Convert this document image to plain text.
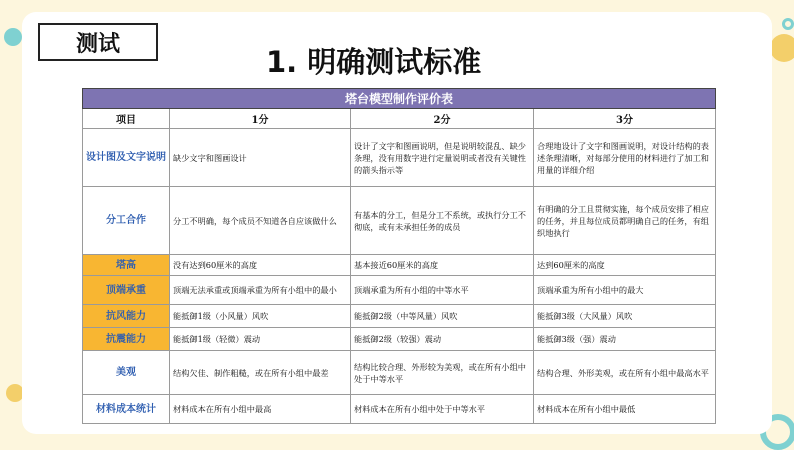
测试
1. 明确测试标准
塔台模型制作评价表			
项目	1分	2分	3分
设计图及文字说明	缺少文字和图画设计	设计了文字和图画说明，但是说明较混乱、缺少条理，没有用数字进行定量说明或者没有关键性的箭头指示等	合理地设计了文字和图画说明，对设计结构的表述条理清晰，对每部分使用的材料进行了加工和用量的详细介绍
分工合作	分工不明确，每个成员不知道各自应该做什么	有基本的分工，但是分工不系统，或执行分工不彻底，或有未承担任务的成员	有明确的分工且贯彻实施，每个成员安排了相应的任务，并且每位成员都明确自己的任务，有组织地执行
塔高	没有达到60厘米的高度	基本接近60厘米的高度	达到60厘米的高度
顶端承重	顶端无法承重或顶端承重为所有小组中的最小	顶端承重为所有小组的中等水平	顶端承重为所有小组中的最大
抗风能力	能抵御1级（小风量）风吹	能抵御2级（中等风量）风吹	能抵御3级（大风量）风吹
抗震能力	能抵御1级（轻微）震动	能抵御2级（较强）震动	能抵御3级（强）震动
美观	结构欠佳、制作粗糙，或在所有小组中最差	结构比较合理、外形较为美观，或在所有小组中处于中等水平	结构合理、外形美观，或在所有小组中最高水平
材料成本统计	材料成本在所有小组中最高	材料成本在所有小组中处于中等水平	材料成本在所有小组中最低
